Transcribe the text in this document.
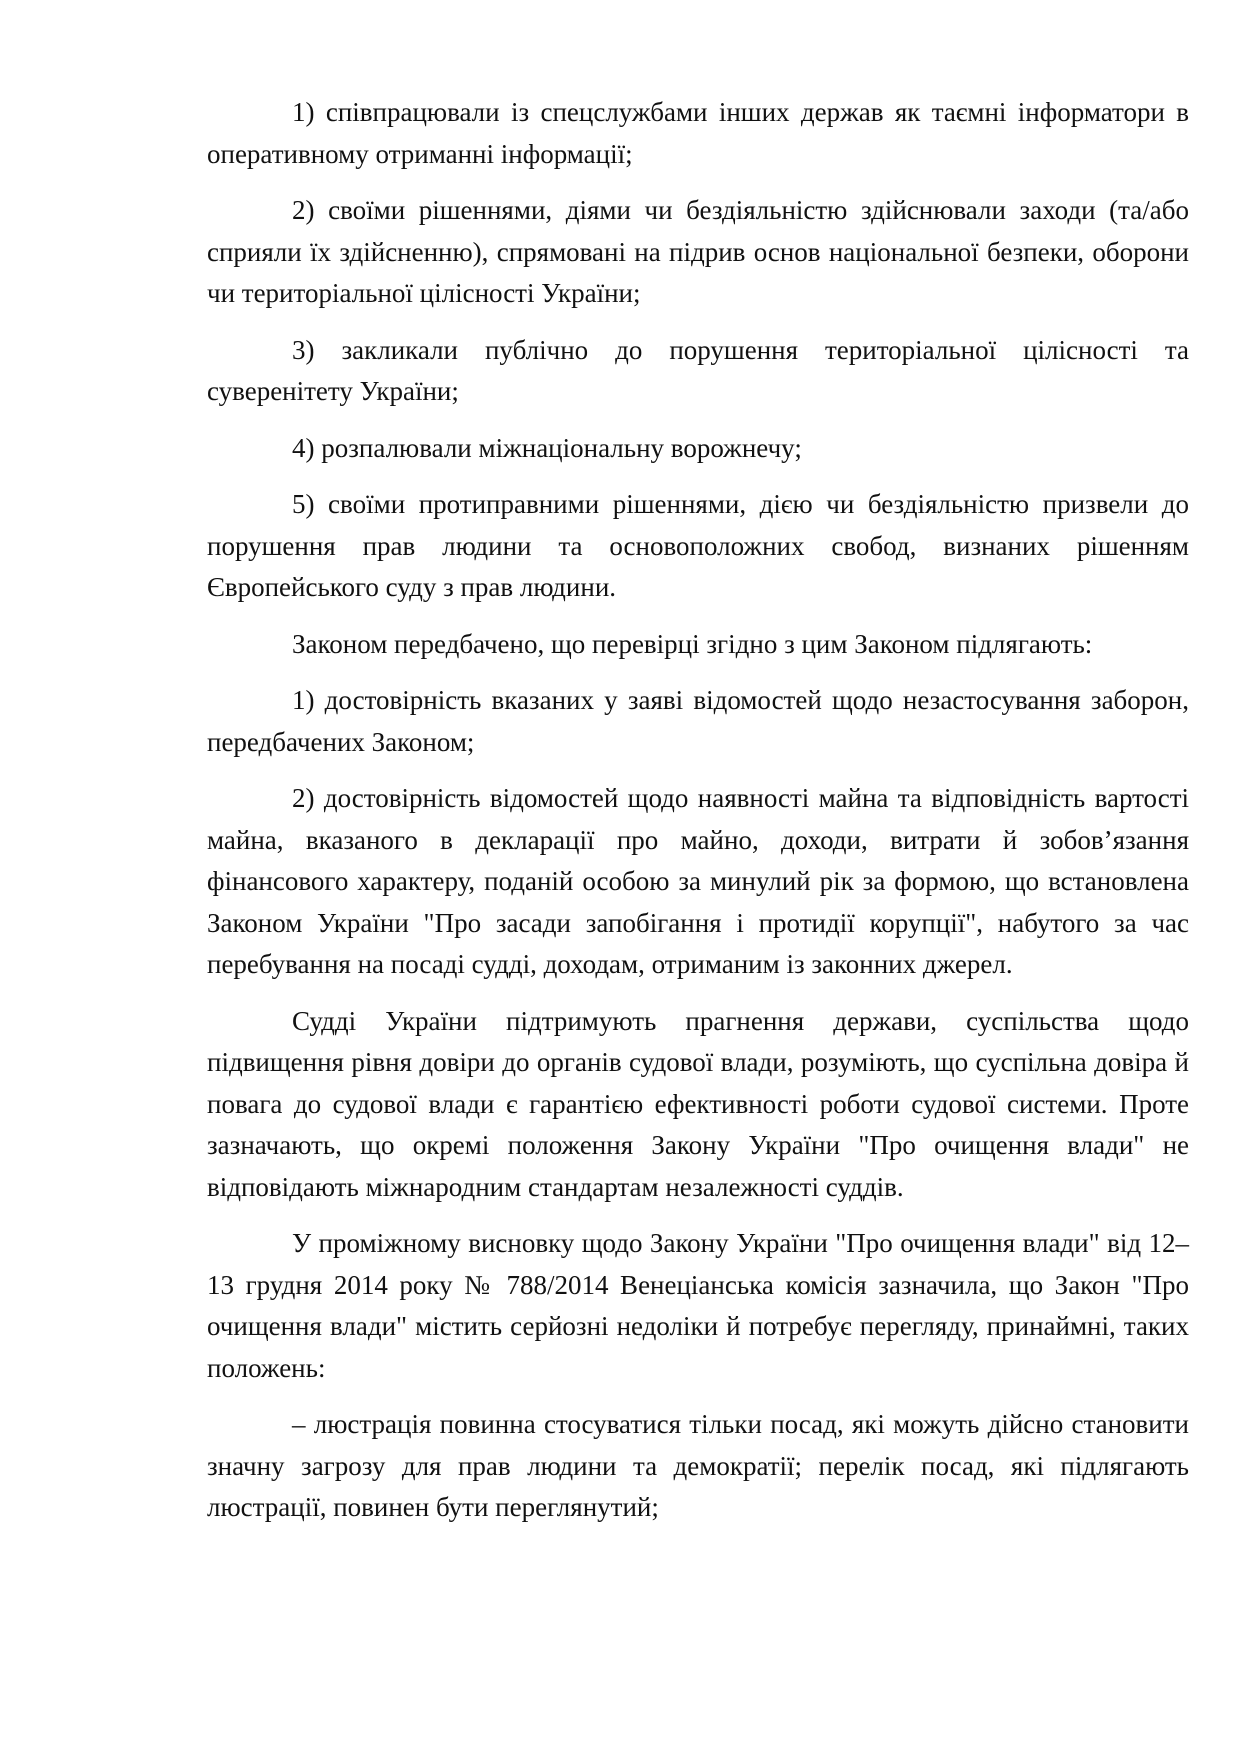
1) співпрацювали із спецслужбами інших держав як таємні інформатори в оперативному отриманні інформації;

2) своїми рішеннями, діями чи бездіяльністю здійснювали заходи (та/або сприяли їх здійсненню), спрямовані на підрив основ національної безпеки, оборони чи територіальної цілісності України;

3) закликали публічно до порушення територіальної цілісності та суверенітету України;

4) розпалювали міжнаціональну ворожнечу;

5) своїми протиправними рішеннями, дією чи бездіяльністю призвели до порушення прав людини та основоположних свобод, визнаних рішенням Європейського суду з прав людини.

Законом передбачено, що перевірці згідно з цим Законом підлягають:

1) достовірність вказаних у заяві відомостей щодо незастосування заборон, передбачених Законом;

2) достовірність відомостей щодо наявності майна та відповідність вартості майна, вказаного в декларації про майно, доходи, витрати й зобов’язання фінансового характеру, поданій особою за минулий рік за формою, що встановлена Законом України "Про засади запобігання і протидії корупції", набутого за час перебування на посаді судді, доходам, отриманим із законних джерел.

Судді України підтримують прагнення держави, суспільства щодо підвищення рівня довіри до органів судової влади, розуміють, що суспільна довіра й повага до судової влади є гарантією ефективності роботи судової системи. Проте зазначають, що окремі положення Закону України "Про очищення влади" не відповідають міжнародним стандартам незалежності суддів.

У проміжному висновку щодо Закону України "Про очищення влади" від 12–13 грудня 2014 року № 788/2014 Венеціанська комісія зазначила, що Закон "Про очищення влади" містить серйозні недоліки й потребує перегляду, принаймні, таких положень:

– люстрація повинна стосуватися тільки посад, які можуть дійсно становити значну загрозу для прав людини та демократії; перелік посад, які підлягають люстрації, повинен бути переглянутий;
